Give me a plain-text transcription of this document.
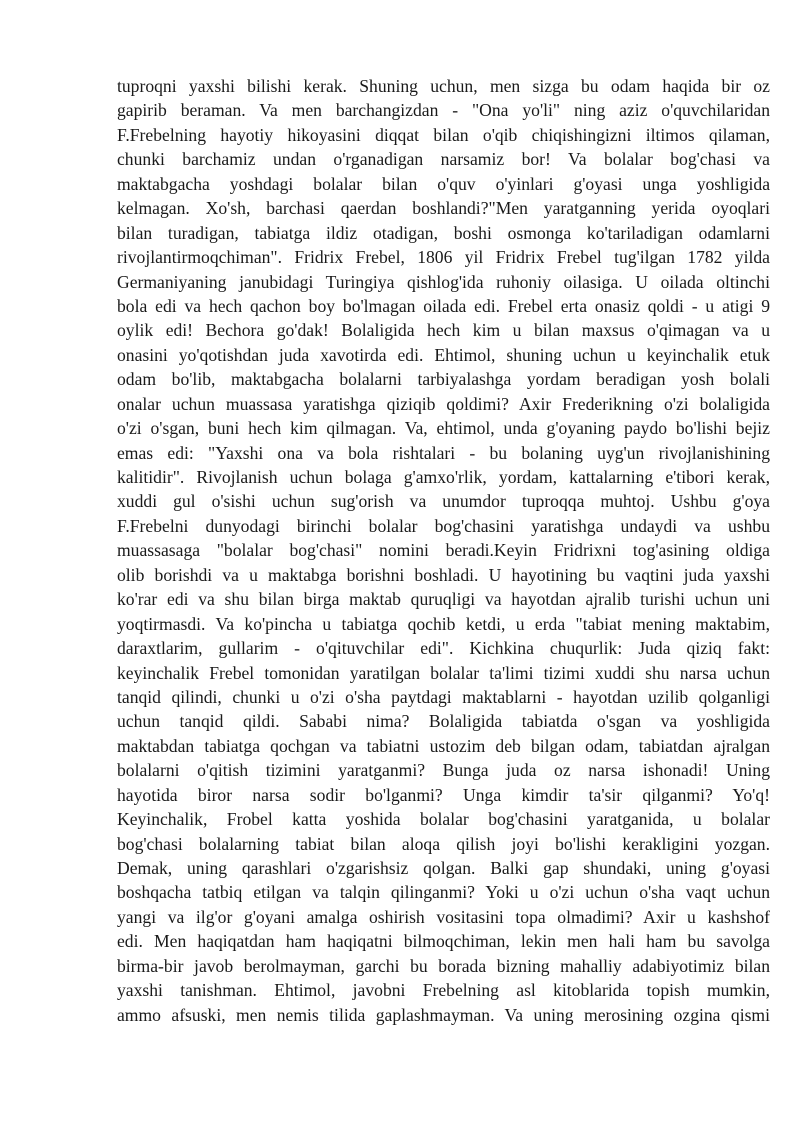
tuproqni yaxshi bilishi kerak. Shuning uchun, men sizga bu odam haqida bir oz
gapirib beraman. Va men barchangizdan - "Ona yo'li" ning aziz o'quvchilaridan
F.Frebelning hayotiy hikoyasini diqqat bilan o'qib chiqishingizni iltimos qilaman,
chunki barchamiz undan o'rganadigan narsamiz bor! Va bolalar bog'chasi va
maktabgacha yoshdagi bolalar bilan o'quv o'yinlari g'oyasi unga yoshligida
kelmagan. Xo'sh, barchasi qaerdan boshlandi?"Men yaratganning yerida oyoqlari
bilan turadigan, tabiatga ildiz otadigan, boshi osmonga ko'tariladigan odamlarni
rivojlantirmoqchiman". Fridrix Frebel, 1806 yil Fridrix Frebel tug'ilgan 1782 yilda
Germaniyaning janubidagi Turingiya qishlog'ida ruhoniy oilasiga. U oilada oltinchi
bola edi va hech qachon boy bo'lmagan oilada edi. Frebel erta onasiz qoldi - u atigi 9
oylik edi! Bechora go'dak! Bolaligida hech kim u bilan maxsus o'qimagan va u
onasini yo'qotishdan juda xavotirda edi. Ehtimol, shuning uchun u keyinchalik etuk
odam bo'lib, maktabgacha bolalarni tarbiyalashga yordam beradigan yosh bolali
onalar uchun muassasa yaratishga qiziqib qoldimi? Axir Frederikning o'zi bolaligida
o'zi o'sgan, buni hech kim qilmagan. Va, ehtimol, unda g'oyaning paydo bo'lishi bejiz
emas edi: "Yaxshi ona va bola rishtalari - bu bolaning uyg'un rivojlanishining
kalitidir". Rivojlanish uchun bolaga g'amxo'rlik, yordam, kattalarning e'tibori kerak,
xuddi gul o'sishi uchun sug'orish va unumdor tuproqqa muhtoj. Ushbu g'oya
F.Frebelni dunyodagi birinchi bolalar bog'chasini yaratishga undaydi va ushbu
muassasaga "bolalar bog'chasi" nomini beradi.Keyin Fridrixni tog'asining oldiga
olib borishdi va u maktabga borishni boshladi. U hayotining bu vaqtini juda yaxshi
ko'rar edi va shu bilan birga maktab quruqligi va hayotdan ajralib turishi uchun uni
yoqtirmasdi. Va ko'pincha u tabiatga qochib ketdi, u erda "tabiat mening maktabim,
daraxtlarim, gullarim - o'qituvchilar edi". Kichkina chuqurlik: Juda qiziq fakt:
keyinchalik Frebel tomonidan yaratilgan bolalar ta'limi tizimi xuddi shu narsa uchun
tanqid qilindi, chunki u o'zi o'sha paytdagi maktablarni - hayotdan uzilib qolganligi
uchun tanqid qildi. Sababi nima? Bolaligida tabiatda o'sgan va yoshligida
maktabdan tabiatga qochgan va tabiatni ustozim deb bilgan odam, tabiatdan ajralgan
bolalarni o'qitish tizimini yaratganmi? Bunga juda oz narsa ishonadi! Uning
hayotida biror narsa sodir bo'lganmi? Unga kimdir ta'sir qilganmi? Yo'q!
Keyinchalik, Frobel katta yoshida bolalar bog'chasini yaratganida, u bolalar
bog'chasi bolalarning tabiat bilan aloqa qilish joyi bo'lishi kerakligini yozgan.
Demak, uning qarashlari o'zgarishsiz qolgan. Balki gap shundaki, uning g'oyasi
boshqacha tatbiq etilgan va talqin qilinganmi? Yoki u o'zi uchun o'sha vaqt uchun
yangi va ilg'or g'oyani amalga oshirish vositasini topa olmadimi? Axir u kashshof
edi. Men haqiqatdan ham haqiqatni bilmoqchiman, lekin men hali ham bu savolga
birma-bir javob berolmayman, garchi bu borada bizning mahalliy adabiyotimiz bilan
yaxshi tanishman. Ehtimol, javobni Frebelning asl kitoblarida topish mumkin,
ammo afsuski, men nemis tilida gaplashmayman. Va uning merosining ozgina qismi
